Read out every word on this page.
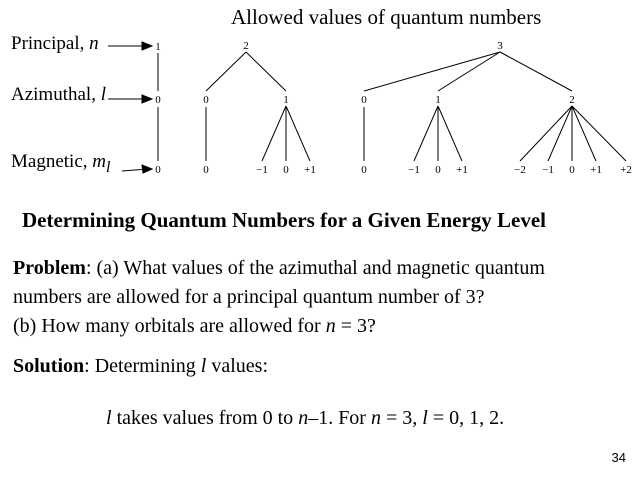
Allowed values of quantum numbers
Principal, n
Azimuthal, l
Magnetic, $m_l$
1	2	3
0	0	1	0	1	2
0	0	−1 0 +1	0	−1 0 +1	−2 −1 0 +1 +2
Determining Quantum Numbers for a Given Energy Level
Problem: (a) What values of the azimuthal and magnetic quantum
numbers are allowed for a principal quantum number of 3?
(b) How many orbitals are allowed for n = 3?
Solution: Determining l values:
l takes values from 0 to n–1. For n = 3, l = 0, 1, 2.
34
